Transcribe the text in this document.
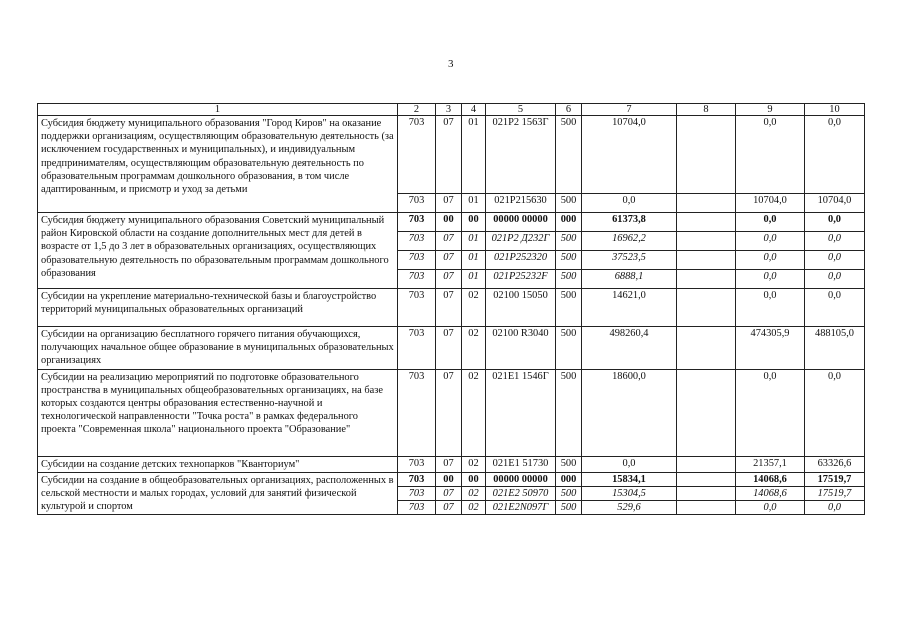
3
1	2	3	4	5	6	7	8	9	10
Субсидия бюджету муниципального образования "Город Киров" на оказание поддержки организациям, осуществляющим образовательную деятельность (за исключением государственных и муниципальных), и индивидуальным предпринимателям, осуществляющим образовательную деятельность по образовательным программам дошкольного образования, в том числе адаптированным, и присмотр и уход за детьми	703	07	01	021P2 1563Г	500	10704,0		0,0	0,0
	703	07	01	021P215630	500	0,0		10704,0	10704,0
Субсидия бюджету муниципального образования Советский муниципальный район Кировской области на создание дополнительных мест для детей в возрасте от 1,5 до 3 лет в образовательных организациях, осуществляющих образовательную деятельность по образовательным программам дошкольного образования	703	00	00	00000 00000	000	61373,8		0,0	0,0
	703	07	01	021P2 Д232Г	500	16962,2		0,0	0,0
	703	07	01	021P252320	500	37523,5		0,0	0,0
	703	07	01	021P25232F	500	6888,1		0,0	0,0
Субсидии на укрепление материально-технической базы и благоустройство территорий муниципальных образовательных организаций	703	07	02	02100 15050	500	14621,0		0,0	0,0
Субсидии на организацию бесплатного горячего питания обучающихся, получающих начальное общее образование в муниципальных образовательных организациях	703	07	02	02100 R3040	500	498260,4		474305,9	488105,0
Субсидии на реализацию мероприятий по подготовке образовательного пространства в муниципальных общеобразовательных организациях, на базе которых создаются центры образования естественно-научной и технологической направленности "Точка роста" в рамках федерального проекта "Современная школа" национального проекта "Образование"	703	07	02	021E1 1546Г	500	18600,0		0,0	0,0
Субсидии на создание детских технопарков "Кванториум"	703	07	02	021E1 51730	500	0,0		21357,1	63326,6
Субсидии на создание в общеобразовательных организациях, расположенных в сельской местности и малых городах, условий для занятий физической культурой и спортом	703	00	00	00000 00000	000	15834,1		14068,6	17519,7
	703	07	02	021E2 50970	500	15304,5		14068,6	17519,7
	703	07	02	021E2N097Г	500	529,6		0,0	0,0
